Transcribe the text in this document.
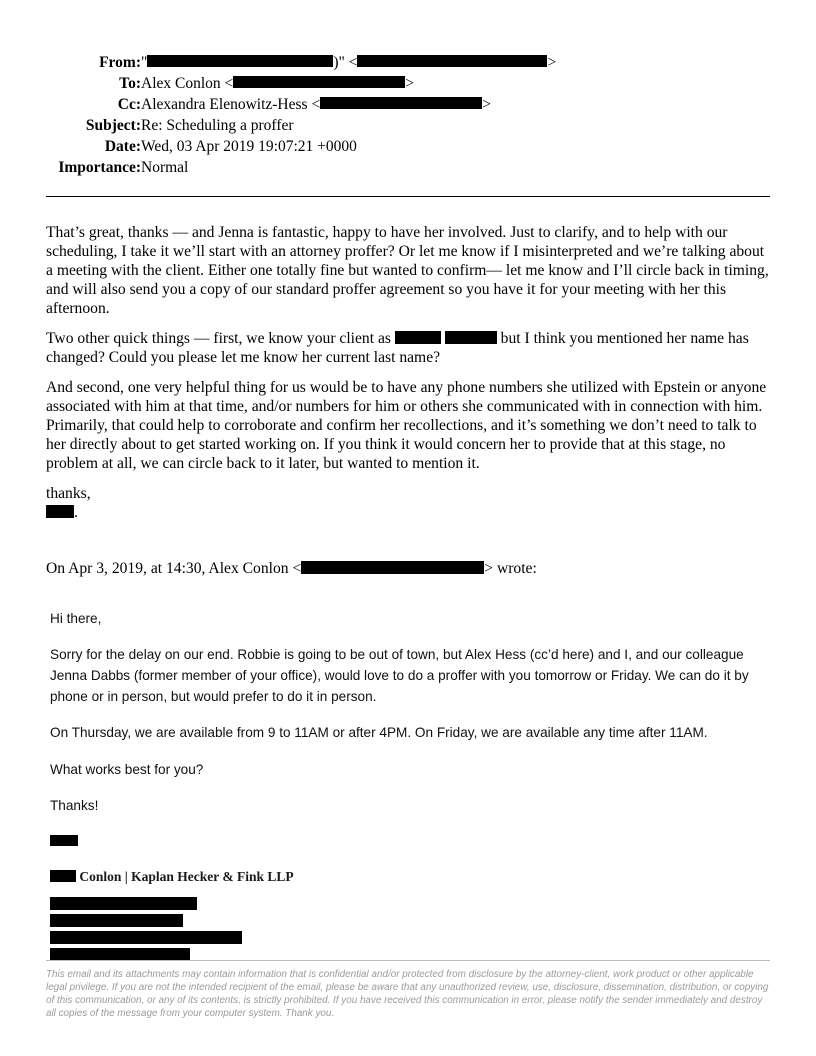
From:	" )" < >
To:	Alex Conlon < >
Cc:	Alexandra Elenowitz-Hess < >
Subject:	Re: Scheduling a proffer
Date:	Wed, 03 Apr 2019 19:07:21 +0000
Importance:	Normal

That’s great, thanks — and Jenna is fantastic, happy to have her involved. Just to clarify, and to help with our scheduling, I take it we’ll start with an attorney proffer? Or let me know if I misinterpreted and we’re talking about a meeting with the client. Either one totally fine but wanted to confirm— let me know and I’ll circle back in timing, and will also send you a copy of our standard proffer agreement so you have it for your meeting with her this afternoon.

Two other quick things — first, we know your client as	but I think you mentioned her name has changed? Could you please let me know her current last name?

And second, one very helpful thing for us would be to have any phone numbers she utilized with Epstein or anyone associated with him at that time, and/or numbers for him or others she communicated with in connection with him. Primarily, that could help to corroborate and confirm her recollections, and it’s something we don’t need to talk to her directly about to get started working on. If you think it would concern her to provide that at this stage, no problem at all, we can circle back to it later, but wanted to mention it.

thanks,
.

On Apr 3, 2019, at 14:30, Alex Conlon <	> wrote:

Hi there,

Sorry for the delay on our end. Robbie is going to be out of town, but Alex Hess (cc’d here) and I, and our colleague Jenna Dabbs (former member of your office), would love to do a proffer with you tomorrow or Friday. We can do it by phone or in person, but would prefer to do it in person.

On Thursday, we are available from 9 to 11AM or after 4PM. On Friday, we are available any time after 11AM.

What works best for you?

Thanks!

Conlon | Kaplan Hecker & Fink LLP

This email and its attachments may contain information that is confidential and/or protected from disclosure by the attorney-client, work product or other applicable legal privilege. If you are not the intended recipient of the email, please be aware that any unauthorized review, use, disclosure, dissemination, distribution, or copying of this communication, or any of its contents, is strictly prohibited. If you have received this communication in error, please notify the sender immediately and destroy all copies of the message from your computer system. Thank you.
